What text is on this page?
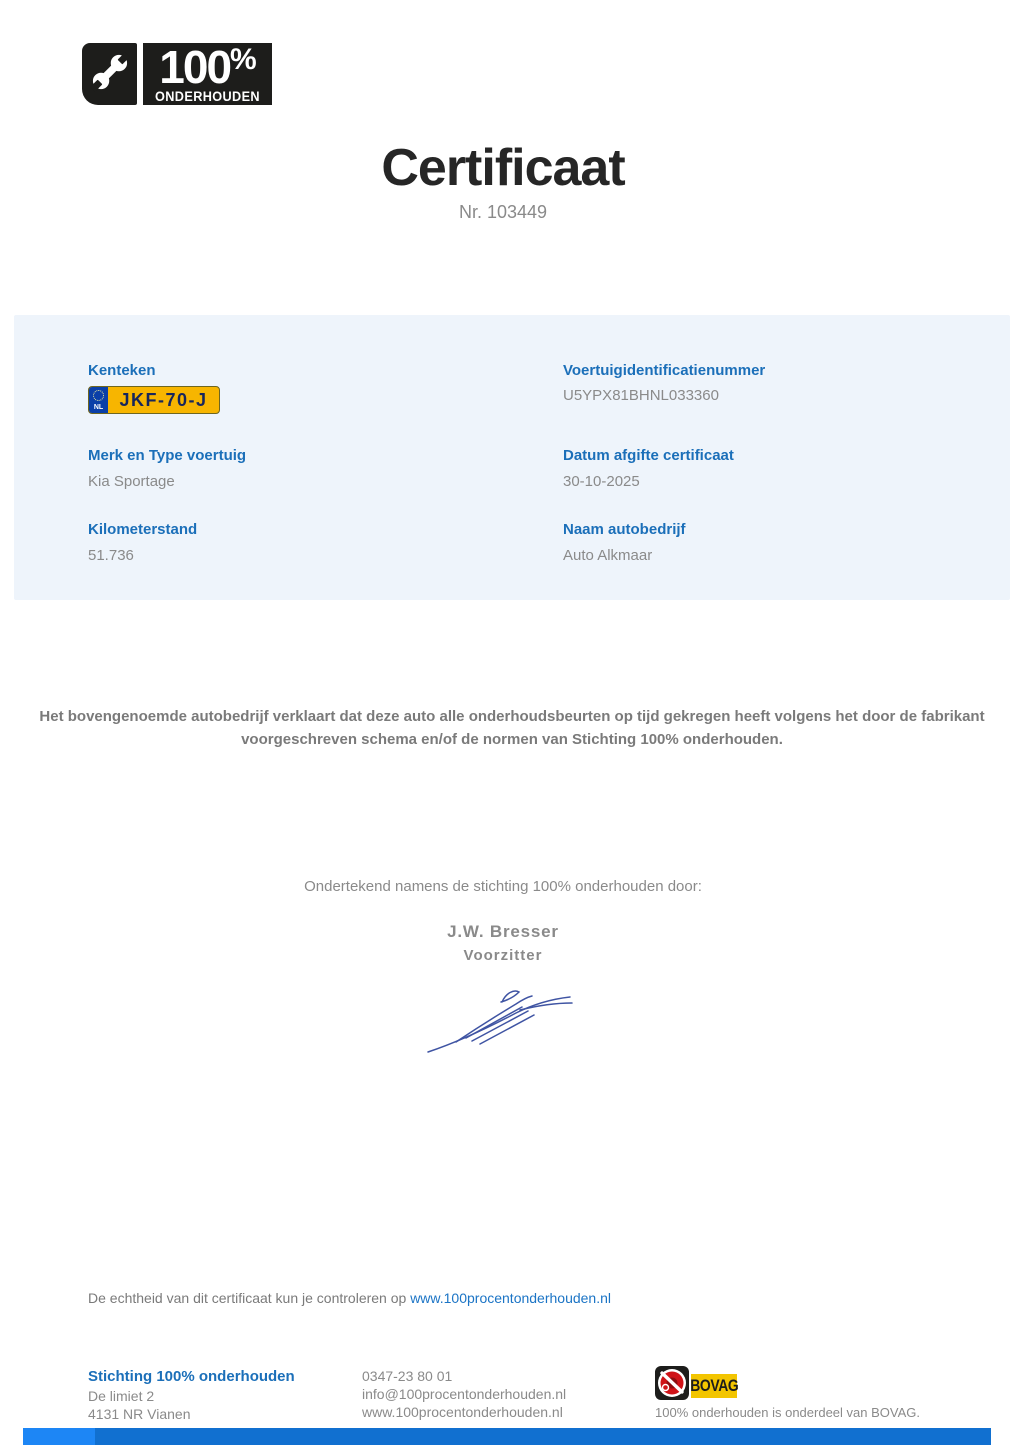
100%
ONDERHOUDEN
Certificaat
Nr. 103449
Kenteken
NL JKF-70-J
Merk en Type voertuig
Kia Sportage
Kilometerstand
51.736
Voertuigidentificatienummer
U5YPX81BHNL033360
Datum afgifte certificaat
30-10-2025
Naam autobedrijf
Auto Alkmaar
Het bovengenoemde autobedrijf verklaart dat deze auto alle onderhoudsbeurten op tijd gekregen heeft volgens het door de fabrikant voorgeschreven schema en/of de normen van Stichting 100% onderhouden.
Ondertekend namens de stichting 100% onderhouden door:
J.W. Bresser
Voorzitter
De echtheid van dit certificaat kun je controleren op www.100procentonderhouden.nl
Stichting 100% onderhouden
De limiet 2
4131 NR Vianen
0347-23 80 01
info@100procentonderhouden.nl
www.100procentonderhouden.nl
BOVAG
100% onderhouden is onderdeel van BOVAG.
